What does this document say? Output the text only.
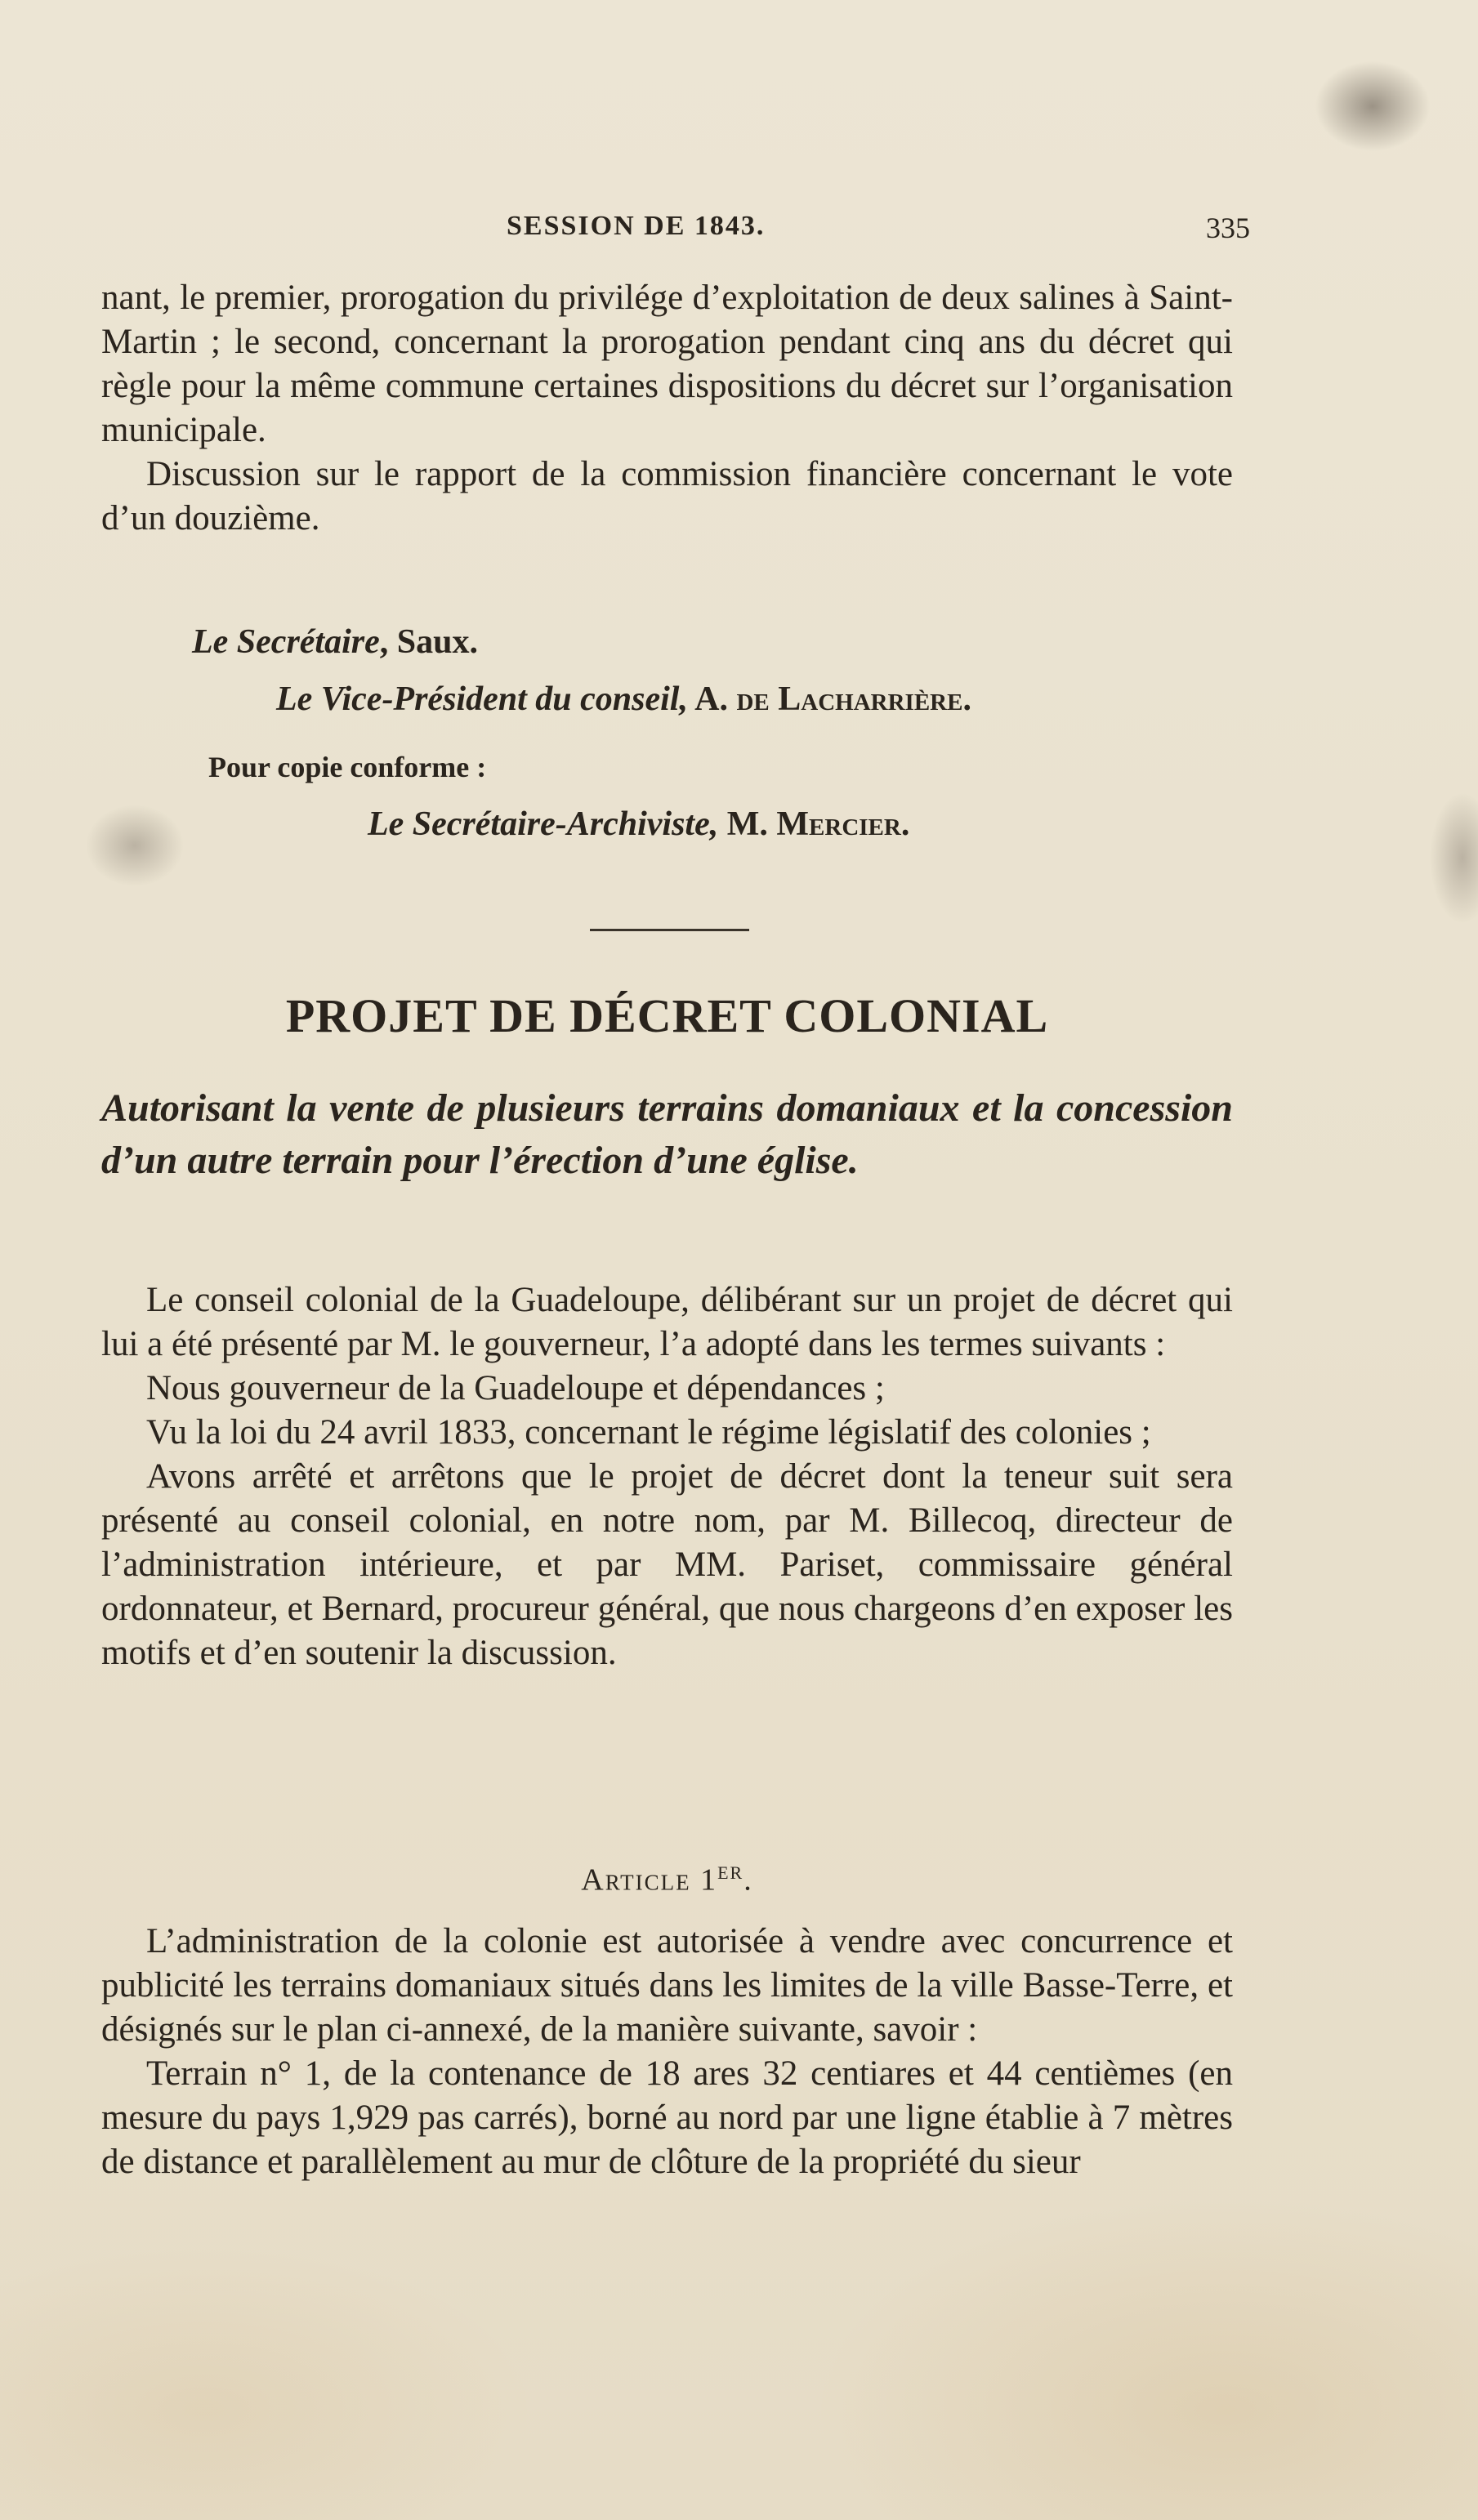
SESSION DE 1843.	335

nant, le premier, prorogation du privilége d’exploitation de deux salines à Saint-Martin ; le second, concernant la prorogation pendant cinq ans du décret qui règle pour la même commune certaines dispositions du décret sur l’organisation municipale.

Discussion sur le rapport de la commission financière concernant le vote d’un douzième.

Le Secrétaire, Saux.
Le Vice-Président du conseil, A. de Lacharrière.
Pour copie conforme :
Le Secrétaire-Archiviste, M. Mercier.
PROJET DE DÉCRET COLONIAL
Autorisant la vente de plusieurs terrains domaniaux et la concession d’un autre terrain pour l’érection d’une église.

Le conseil colonial de la Guadeloupe, délibérant sur un projet de décret qui lui a été présenté par M. le gouverneur, l’a adopté dans les termes suivants :

Nous gouverneur de la Guadeloupe et dépendances ;

Vu la loi du 24 avril 1833, concernant le régime législatif des colonies ;

Avons arrêté et arrêtons que le projet de décret dont la teneur suit sera présenté au conseil colonial, en notre nom, par M. Billecoq, directeur de l’administration intérieure, et par MM. Pariset, commissaire général ordonnateur, et Bernard, procureur général, que nous chargeons d’en exposer les motifs et d’en soutenir la discussion.

Article 1er.

L’administration de la colonie est autorisée à vendre avec concurrence et publicité les terrains domaniaux situés dans les limites de la ville Basse-Terre, et désignés sur le plan ci-annexé, de la manière suivante, savoir :

Terrain n° 1, de la contenance de 18 ares 32 centiares et 44 centièmes (en mesure du pays 1,929 pas carrés), borné au nord par une ligne établie à 7 mètres de distance et parallèlement au mur de clôture de la propriété du sieur
